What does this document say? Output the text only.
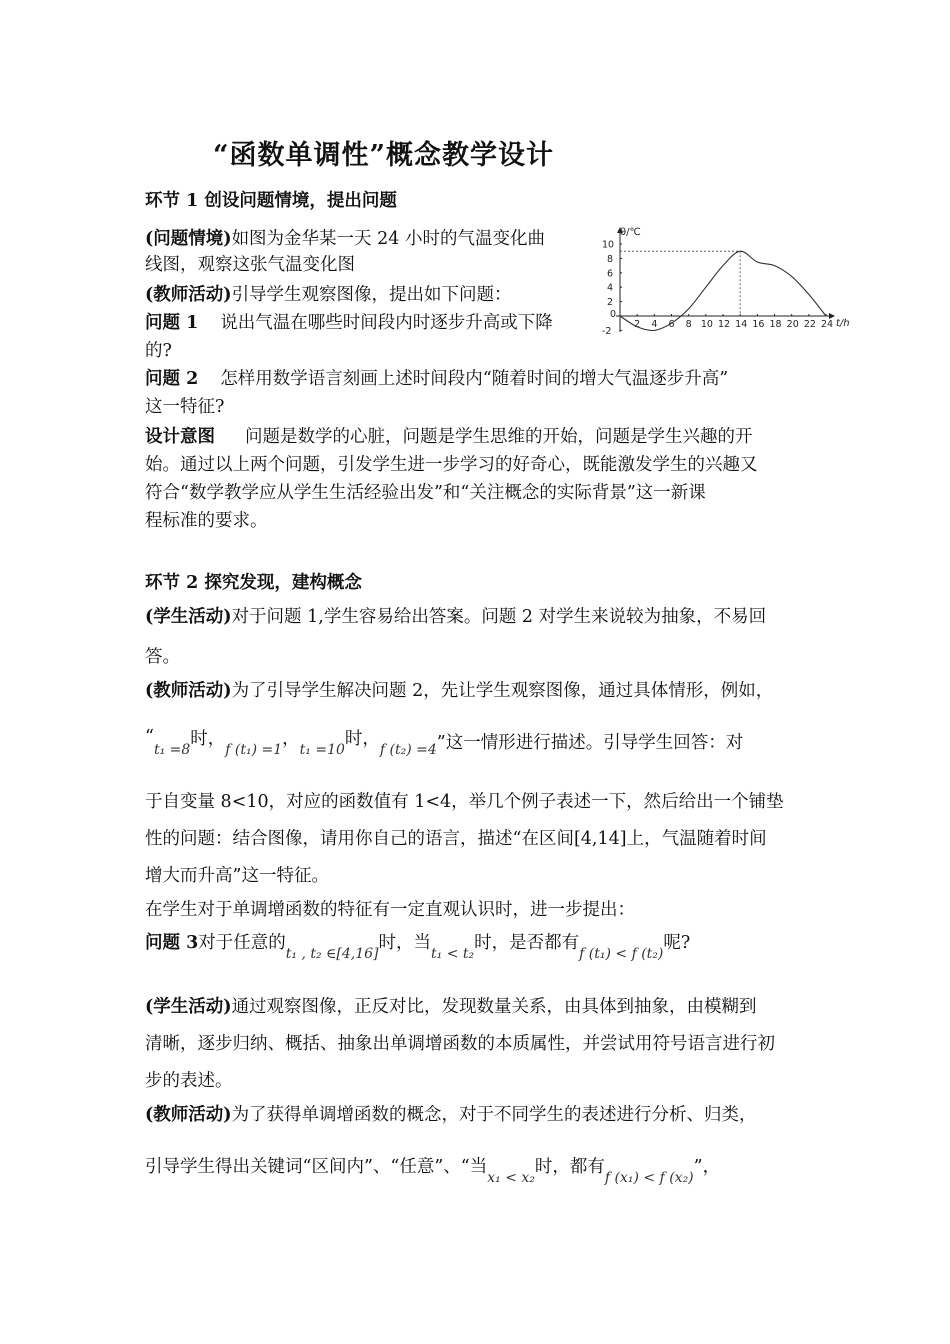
“函数单调性”概念教学设计
环节 1 创设问题情境，提出问题
(问题情境)如图为金华某一天 24 小时的气温变化曲
线图，观察这张气温变化图
(教师活动)引导学生观察图像，提出如下问题：
问题 1 说出气温在哪些时间段内时逐步升高或下降
的?
问题 2 怎样用数学语言刻画上述时间段内“随着时间的增大气温逐步升高”
这一特征?
设计意图 问题是数学的心脏，问题是学生思维的开始，问题是学生兴趣的开
始。通过以上两个问题，引发学生进一步学习的好奇心，既能激发学生的兴趣又
符合“数学教学应从学生生活经验出发”和“关注概念的实际背景”这一新课
程标准的要求。
0
2 4 6 8 10 12 14 16 18 20 22 24
10
8
6
4
2
-2
θ/℃
t/h
环节 2 探究发现，建构概念
(学生活动)对于问题 1,学生容易给出答案。问题 2 对学生来说较为抽象，不易回
答。
(教师活动)为了引导学生解决问题 2，先让学生观察图像，通过具体情形，例如，
“$_{t_1 =8}$时，$_{f (t_1) =1}$，$_{t_1 =10}$时，$_{f (t_2) =4}$”这一情形进行描述。引导学生回答：对
于自变量 8<10，对应的函数值有 1<4，举几个例子表述一下，然后给出一个铺垫
性的问题：结合图像，请用你自己的语言，描述“在区间[4,14]上，气温随着时间
增大而升高”这一特征。
在学生对于单调增函数的特征有一定直观认识时，进一步提出：
问题 3对于任意的$_{t_1 , t_2 \in[4,16]}$时，当$_{t_1 < t_2}$时，是否都有$_{f (t_1) < f (t_2)}$呢?
(学生活动)通过观察图像，正反对比，发现数量关系，由具体到抽象，由模糊到
清晰，逐步归纳、概括、抽象出单调增函数的本质属性，并尝试用符号语言进行初
步的表述。
(教师活动)为了获得单调增函数的概念，对于不同学生的表述进行分析、归类，
引导学生得出关键词“区间内”、“任意”、“当$_{x_1 < x_2}$时，都有$_{f (x_1) < f (x_2)}$”，
